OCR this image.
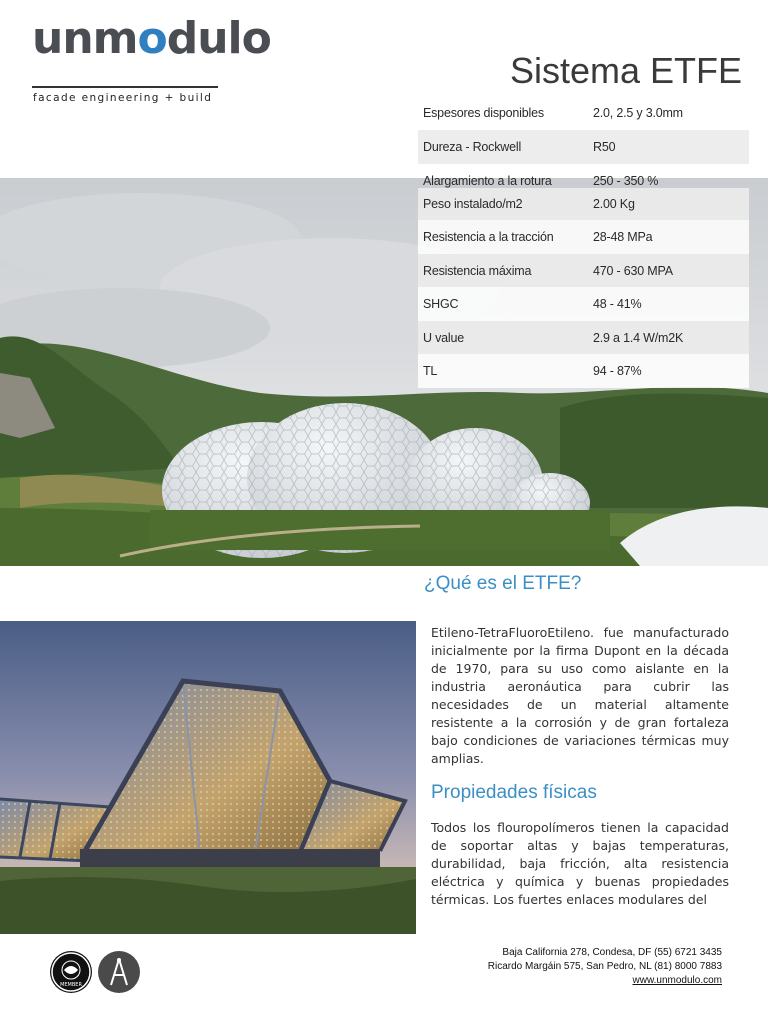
unmodulo
facade engineering + build
Sistema ETFE
Espesores disponibles	2.0, 2.5 y 3.0mm
Dureza - Rockwell	R50
Alargamiento a la rotura	250 - 350 %
Peso instalado/m2	2.00 Kg
Resistencia a la tracción	28-48 MPa
Resistencia máxima	470 - 630 MPA
SHGC	48 - 41%
U value	2.9 a 1.4 W/m2K
TL	94 - 87%
¿Qué es el ETFE?
Etileno-TetraFluoroEtileno. fue manufacturado inicialmente por la firma Dupont en la década de 1970, para su uso como aislante en la industria aeronáutica para cubrir las necesidades de un material altamente resistente a la corrosión y de gran fortaleza bajo condiciones de variaciones térmicas muy amplias.
Propiedades físicas
Todos los flouropolímeros tienen la capacidad de soportar altas y bajas temperaturas, durabilidad, baja fricción, alta resistencia eléctrica y química y buenas propiedades térmicas. Los fuertes enlaces modulares del
MEMBER
Baja California 278, Condesa, DF (55) 6721 3435
Ricardo Margáin 575, San Pedro, NL (81) 8000 7883
www.unmodulo.com
